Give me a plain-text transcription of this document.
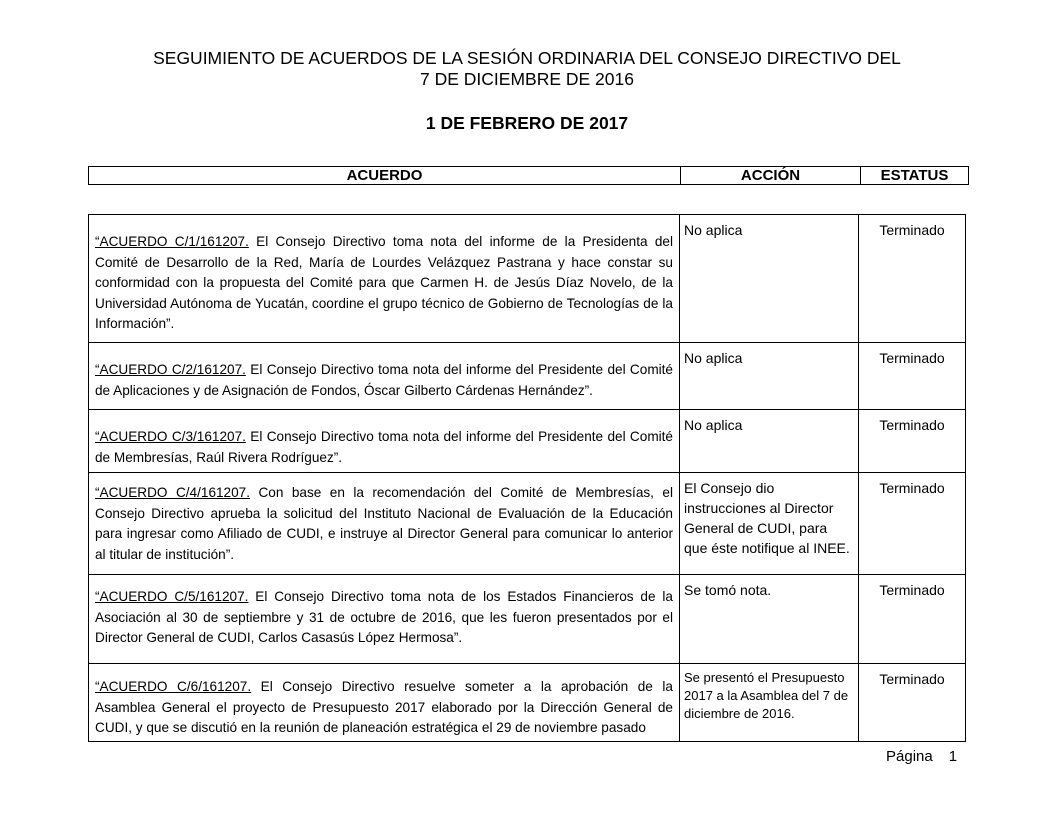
SEGUIMIENTO DE ACUERDOS DE LA SESIÓN ORDINARIA DEL CONSEJO DIRECTIVO DEL
7 DE DICIEMBRE DE 2016
1 DE FEBRERO DE 2017
ACUERDO	ACCIÓN	ESTATUS
“ACUERDO C/1/161207. El Consejo Directivo toma nota del informe de la Presidenta del Comité de Desarrollo de la Red, María de Lourdes Velázquez Pastrana y hace constar su conformidad con la propuesta del Comité para que Carmen H. de Jesús Díaz Novelo, de la Universidad Autónoma de Yucatán, coordine el grupo técnico de Gobierno de Tecnologías de la Información”.	No aplica	Terminado
“ACUERDO C/2/161207. El Consejo Directivo toma nota del informe del Presidente del Comité de Aplicaciones y de Asignación de Fondos, Óscar Gilberto Cárdenas Hernández”.	No aplica	Terminado
“ACUERDO C/3/161207. El Consejo Directivo toma nota del informe del Presidente del Comité de Membresías, Raúl Rivera Rodríguez”.	No aplica	Terminado
“ACUERDO C/4/161207. Con base en la recomendación del Comité de Membresías, el Consejo Directivo aprueba la solicitud del Instituto Nacional de Evaluación de la Educación para ingresar como Afiliado de CUDI, e instruye al Director General para comunicar lo anterior al titular de institución”.	El Consejo dio instrucciones al Director General de CUDI, para que éste notifique al INEE.	Terminado
“ACUERDO C/5/161207. El Consejo Directivo toma nota de los Estados Financieros de la Asociación al 30 de septiembre y 31 de octubre de 2016, que les fueron presentados por el Director General de CUDI, Carlos Casasús López Hermosa”.	Se tomó nota.	Terminado
“ACUERDO C/6/161207. El Consejo Directivo resuelve someter a la aprobación de la Asamblea General el proyecto de Presupuesto 2017 elaborado por la Dirección General de CUDI, y que se discutió en la reunión de planeación estratégica el 29 de noviembre pasado	Se presentó el Presupuesto 2017 a la Asamblea del 7 de diciembre de 2016.	Terminado
Página 1
